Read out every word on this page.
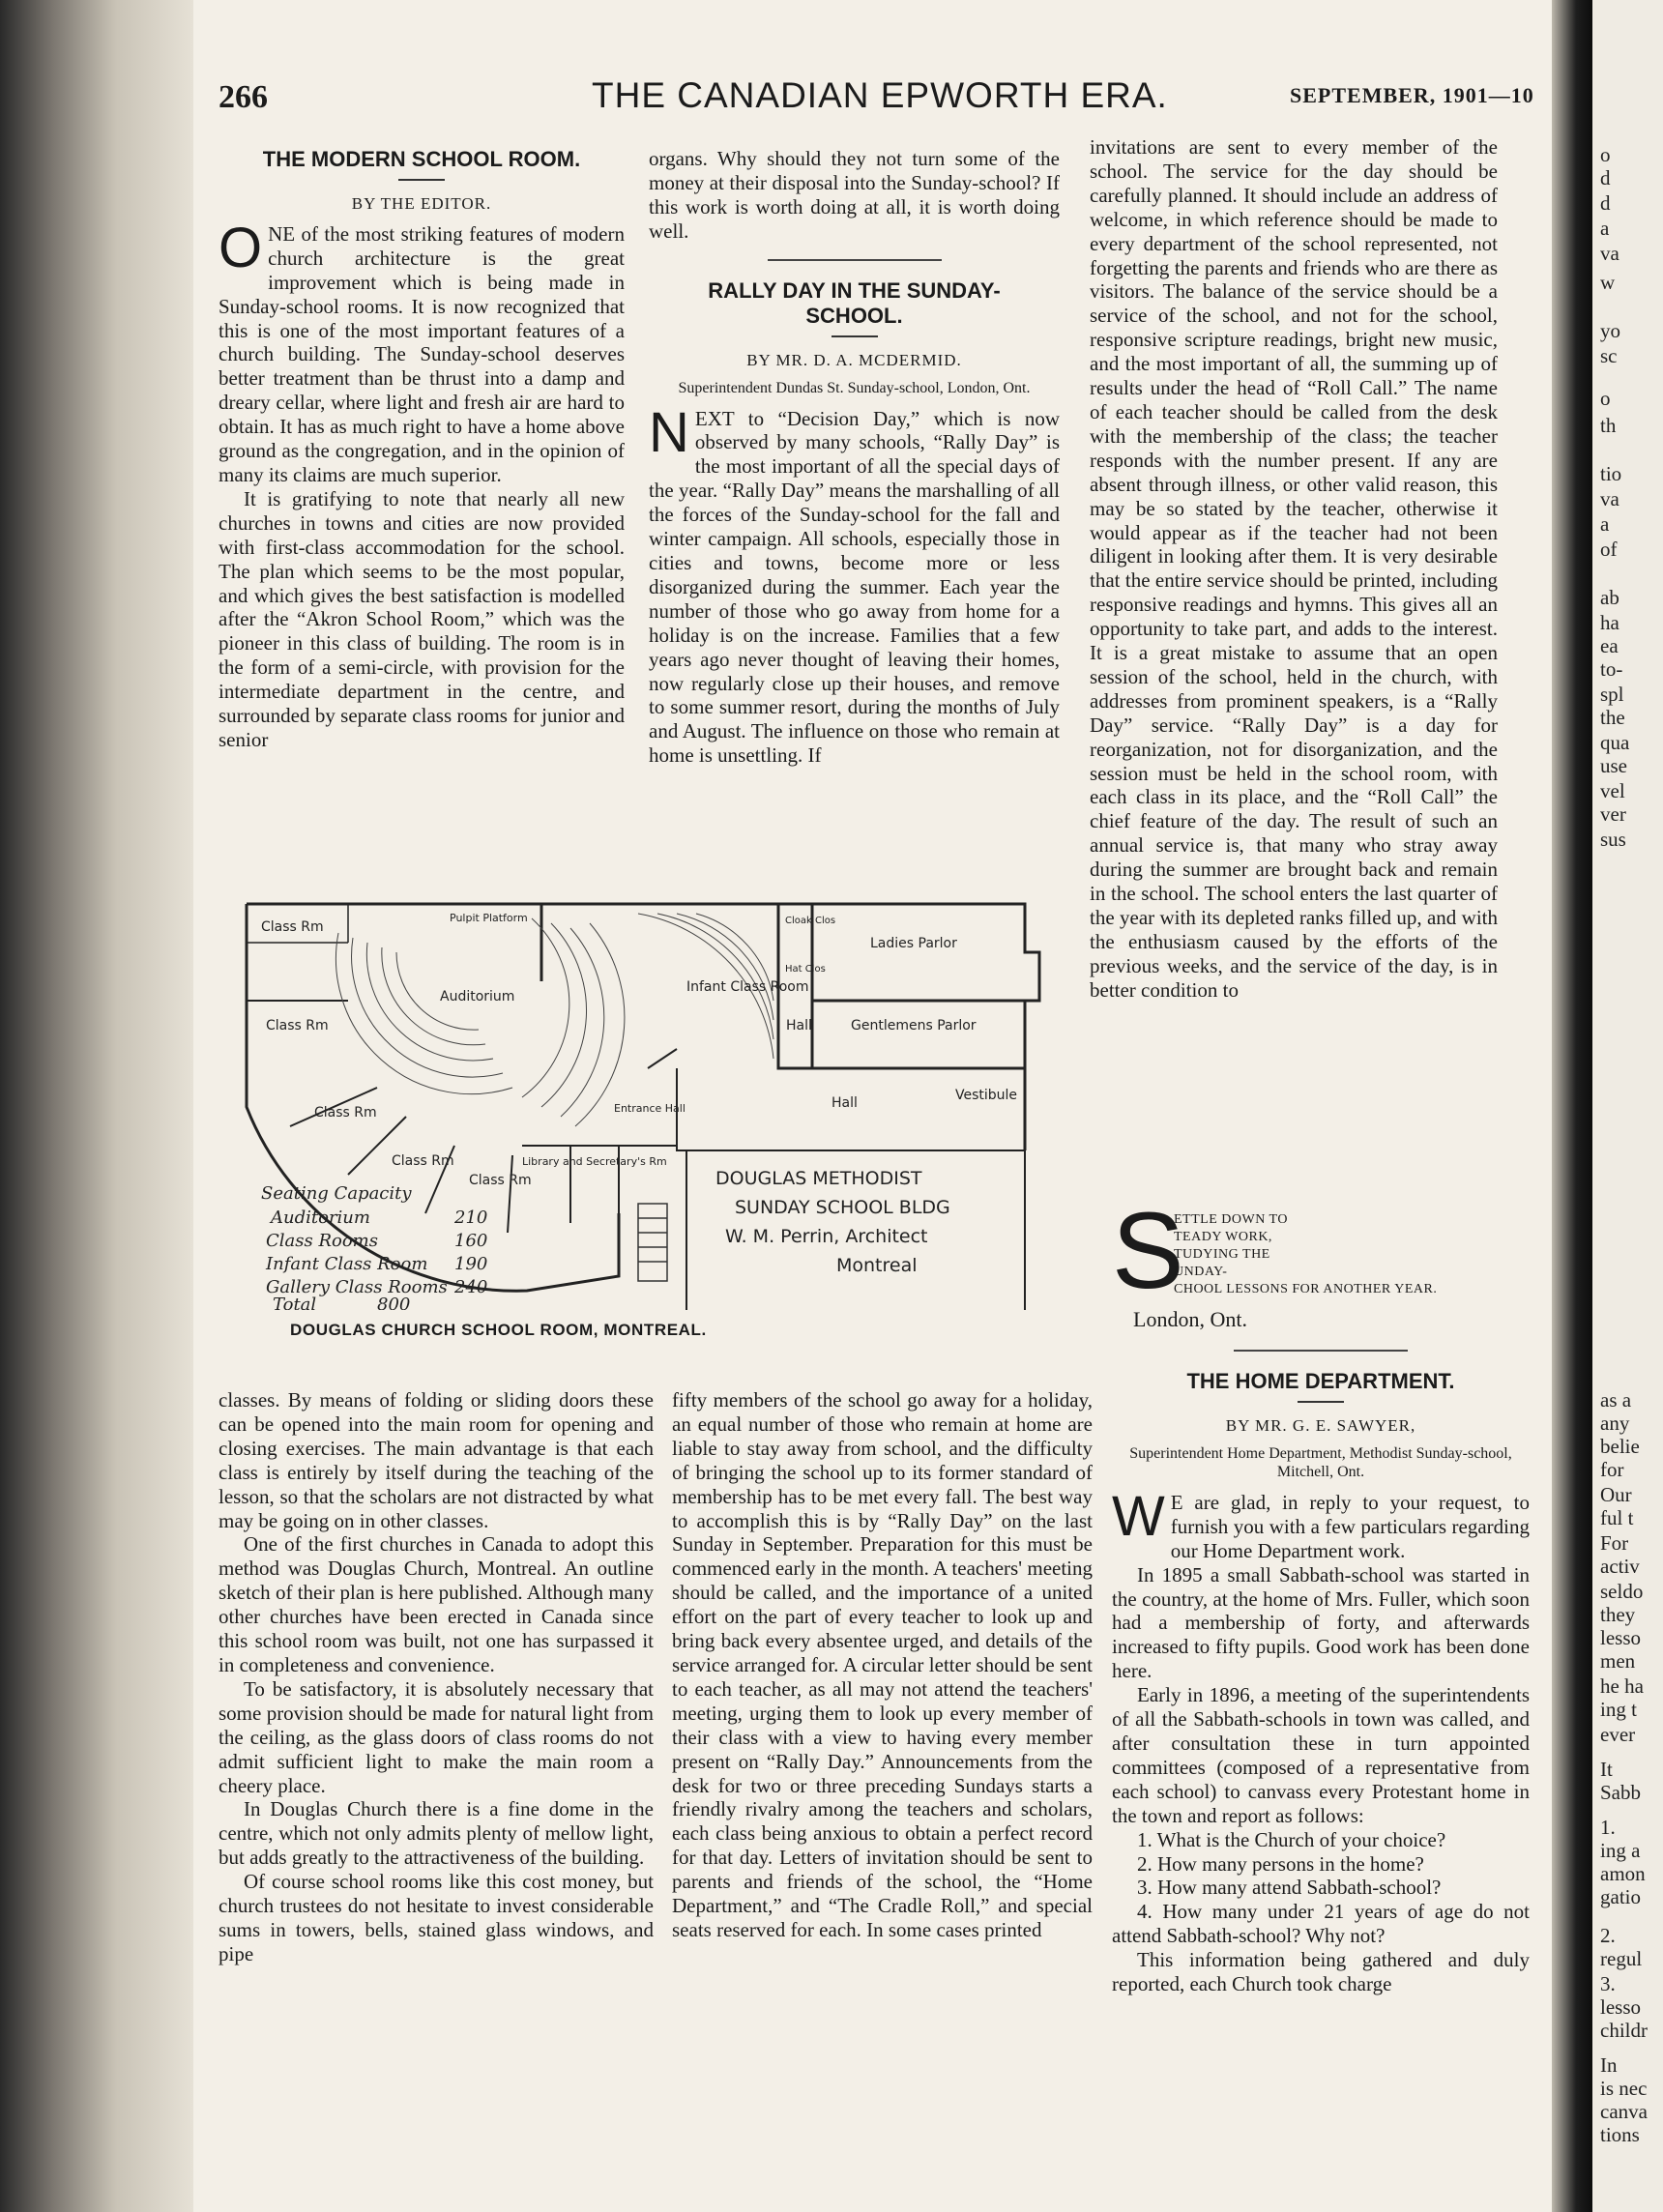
o
d
d
a
va
w
yo
sc
o
th
tio
va
a
of
ab
ha
ea
to-
spl
the
qua
use
vel
ver
sus
as a
any
belie
for
Our
ful t
For
activ
seldo
they
lesso
men
he ha
ing t
ever
It
Sabb
1.
ing a
amon
gatio
2.
regul
3.
lesso
childr
In
is nec
canva
tions
266	THE CANADIAN EPWORTH ERA.	SEPTEMBER, 1901—10
THE MODERN SCHOOL ROOM.
BY THE EDITOR.

ONE of the most striking features of modern church architecture is the great improvement which is being made in Sunday-school rooms. It is now recognized that this is one of the most important features of a church building. The Sunday-school deserves better treatment than be thrust into a damp and dreary cellar, where light and fresh air are hard to obtain. It has as much right to have a home above ground as the congregation, and in the opinion of many its claims are much superior.

It is gratifying to note that nearly all new churches in towns and cities are now provided with first-class accommodation for the school. The plan which seems to be the most popular, and which gives the best satisfaction is modelled after the “Akron School Room,” which was the pioneer in this class of building. The room is in the form of a semi-circle, with provision for the intermediate department in the centre, and surrounded by separate class rooms for junior and senior

organs. Why should they not turn some of the money at their disposal into the Sunday-school? If this work is worth doing at all, it is worth doing well.

RALLY DAY IN THE SUNDAY-
SCHOOL.
BY MR. D. A. MCDERMID.
Superintendent Dundas St. Sunday-school, London, Ont.

NEXT to “Decision Day,” which is now observed by many schools, “Rally Day” is the most important of all the special days of the year. “Rally Day” means the marshalling of all the forces of the Sunday-school for the fall and winter campaign. All schools, especially those in cities and towns, become more or less disorganized during the summer. Each year the number of those who go away from home for a holiday is on the increase. Families that a few years ago never thought of leaving their homes, now regularly close up their houses, and remove to some summer resort, during the months of July and August. The influence on those who remain at home is unsettling. If

invitations are sent to every member of the school. The service for the day should be carefully planned. It should include an address of welcome, in which reference should be made to every department of the school represented, not forgetting the parents and friends who are there as visitors. The balance of the service should be a service of the school, and not for the school, responsive scripture readings, bright new music, and the most important of all, the summing up of results under the head of “Roll Call.” The name of each teacher should be called from the desk with the membership of the class; the teacher responds with the number present. If any are absent through illness, or other valid reason, this may be so stated by the teacher, otherwise it would appear as if the teacher had not been diligent in looking after them. It is very desirable that the entire service should be printed, including responsive readings and hymns. This gives all an opportunity to take part, and adds to the interest. It is a great mistake to assume that an open session of the school, held in the church, with addresses from prominent speakers, is a “Rally Day” service. “Rally Day” is a day for reorganization, not for disorganization, and the session must be held in the school room, with each class in its place, and the “Roll Call” the chief feature of the day. The result of such an annual service is, that many who stray away during the summer are brought back and remain in the school. The school enters the last quarter of the year with its depleted ranks filled up, and with the enthusiasm caused by the efforts of the previous weeks, and the service of the day, is in better condition to

S
ETTLE DOWN TO
TEADY WORK,
TUDYING THE
UNDAY-
CHOOL LESSONS FOR ANOTHER YEAR.
London, Ont.
Class Rm
Class Rm
Class Rm
Class Rm
Class Rm
Pulpit Platform
Auditorium
Infant Class Room
Cloak Clos
Hat Clos
Ladies Parlor
Hall	Gentlemens Parlor
Hall	Vestibule
Library and Secretary's Rm
Entrance Hall
DOUGLAS METHODIST
SUNDAY SCHOOL BLDG
W. M. Perrin, Architect
Montreal
Seating Capacity
Auditorium	210
Class Rooms	160
Infant Class Room 190
Gallery Class Rooms 240
Total	800
DOUGLAS CHURCH SCHOOL ROOM, MONTREAL.

classes. By means of folding or sliding doors these can be opened into the main room for opening and closing exercises. The main advantage is that each class is entirely by itself during the teaching of the lesson, so that the scholars are not distracted by what may be going on in other classes.

One of the first churches in Canada to adopt this method was Douglas Church, Montreal. An outline sketch of their plan is here published. Although many other churches have been erected in Canada since this school room was built, not one has surpassed it in completeness and convenience.

To be satisfactory, it is absolutely necessary that some provision should be made for natural light from the ceiling, as the glass doors of class rooms do not admit sufficient light to make the main room a cheery place.

In Douglas Church there is a fine dome in the centre, which not only admits plenty of mellow light, but adds greatly to the attractiveness of the building.

Of course school rooms like this cost money, but church trustees do not hesitate to invest considerable sums in towers, bells, stained glass windows, and pipe

fifty members of the school go away for a holiday, an equal number of those who remain at home are liable to stay away from school, and the difficulty of bringing the school up to its former standard of membership has to be met every fall. The best way to accomplish this is by “Rally Day” on the last Sunday in September. Preparation for this must be commenced early in the month. A teachers' meeting should be called, and the importance of a united effort on the part of every teacher to look up and bring back every absentee urged, and details of the service arranged for. A circular letter should be sent to each teacher, as all may not attend the teachers' meeting, urging them to look up every member of their class with a view to having every member present on “Rally Day.” Announcements from the desk for two or three preceding Sundays starts a friendly rivalry among the teachers and scholars, each class being anxious to obtain a perfect record for that day. Letters of invitation should be sent to parents and friends of the school, the “Home Department,” and “The Cradle Roll,” and special seats reserved for each. In some cases printed

THE HOME DEPARTMENT.
BY MR. G. E. SAWYER,
Superintendent Home Department, Methodist Sunday-school, Mitchell, Ont.

W E are glad, in reply to your request, to furnish you with a few particulars regarding our Home Department work.

In 1895 a small Sabbath-school was started in the country, at the home of Mrs. Fuller, which soon had a membership of forty, and afterwards increased to fifty pupils. Good work has been done here.

Early in 1896, a meeting of the superintendents of all the Sabbath-schools in town was called, and after consultation these in turn appointed committees (composed of a representative from each school) to canvass every Protestant home in the town and report as follows:

1. What is the Church of your choice?
2. How many persons in the home?
3. How many attend Sabbath-school?
4. How many under 21 years of age do not attend Sabbath-school? Why not?

This information being gathered and duly reported, each Church took charge
